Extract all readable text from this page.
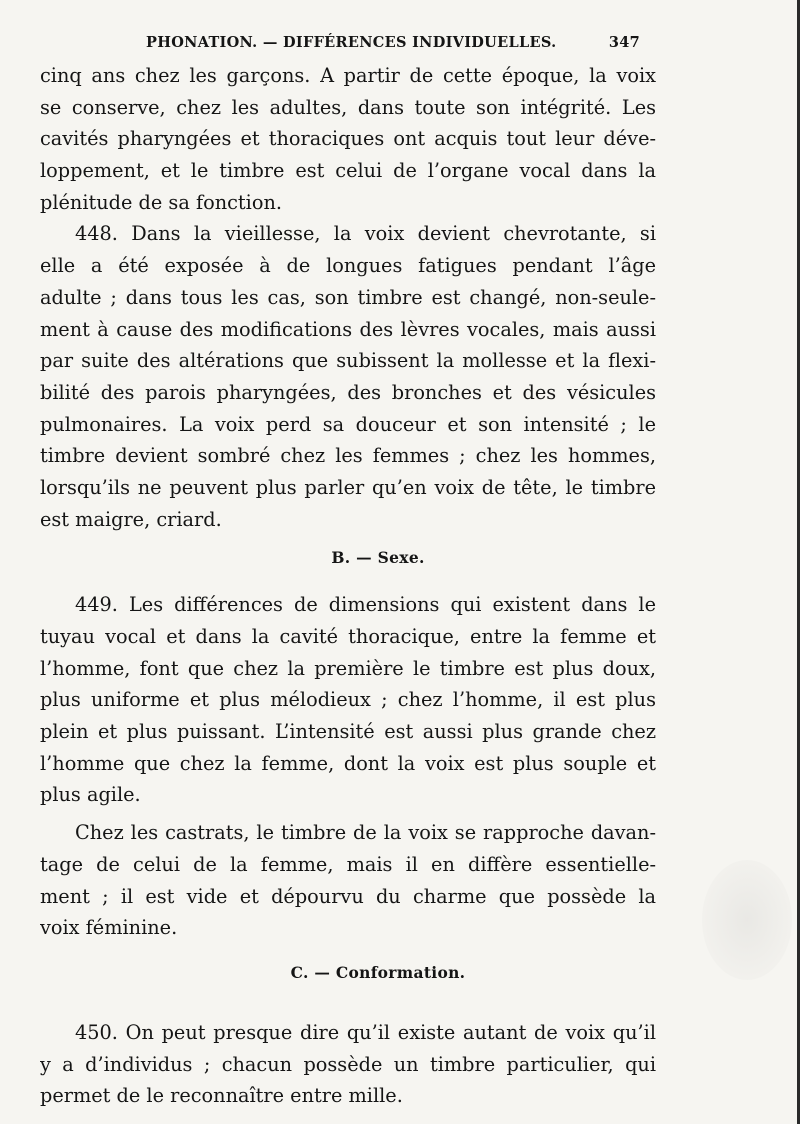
PHONATION. — DIFFÉRENCES INDIVIDUELLES.	347
cinq ans chez les garçons. A partir de cette époque, la voix
se conserve, chez les adultes, dans toute son intégrité. Les
cavités pharyngées et thoraciques ont acquis tout leur déve-
loppement, et le timbre est celui de l’organe vocal dans la
plénitude de sa fonction.
448. Dans la vieillesse, la voix devient chevrotante, si
elle a été exposée à de longues fatigues pendant l’âge
adulte ; dans tous les cas, son timbre est changé, non-seule-
ment à cause des modifications des lèvres vocales, mais aussi
par suite des altérations que subissent la mollesse et la flexi-
bilité des parois pharyngées, des bronches et des vésicules
pulmonaires. La voix perd sa douceur et son intensité ; le
timbre devient sombré chez les femmes ; chez les hommes,
lorsqu’ils ne peuvent plus parler qu’en voix de tête, le timbre
est maigre, criard.
B. — Sexe.
449. Les différences de dimensions qui existent dans le
tuyau vocal et dans la cavité thoracique, entre la femme et
l’homme, font que chez la première le timbre est plus doux,
plus uniforme et plus mélodieux ; chez l’homme, il est plus
plein et plus puissant. L’intensité est aussi plus grande chez
l’homme que chez la femme, dont la voix est plus souple et
plus agile.
Chez les castrats, le timbre de la voix se rapproche davan-
tage de celui de la femme, mais il en diffère essentielle-
ment ; il est vide et dépourvu du charme que possède la
voix féminine.
C. — Conformation.
450. On peut presque dire qu’il existe autant de voix qu’il
y a d’individus ; chacun possède un timbre particulier, qui
permet de le reconnaître entre mille.
